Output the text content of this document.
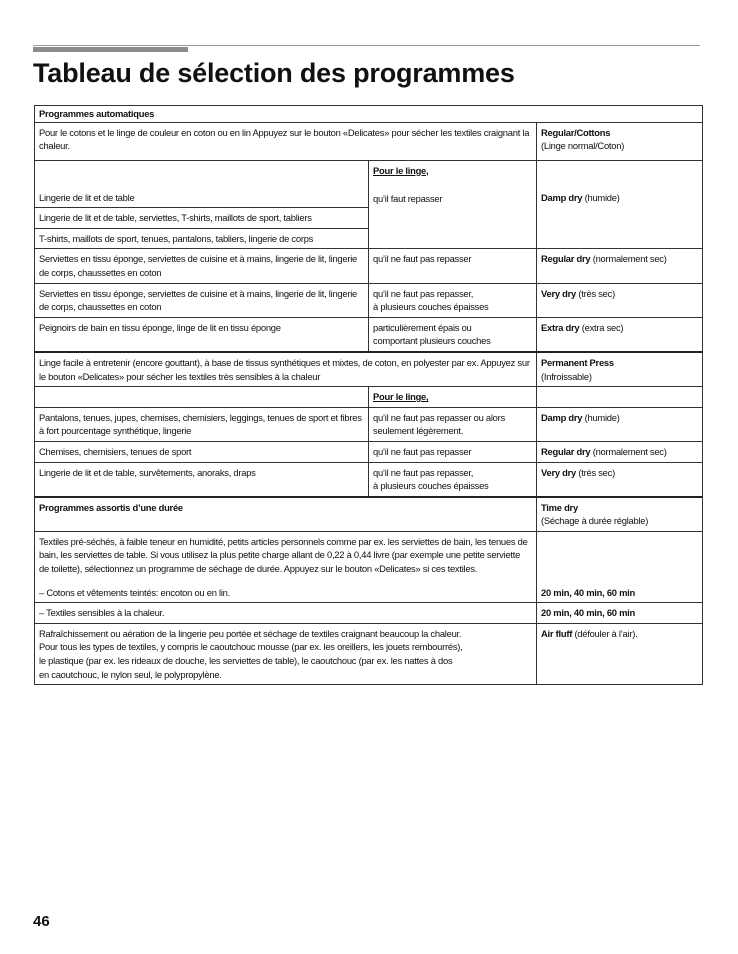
Tableau de sélection des programmes
Programmes automatiques		
Pour le cotons et le linge de couleur en coton ou en lin Appuyez sur le bouton «Delicates» pour sécher les textiles craignant la chaleur.		Regular/Cottons
(Linge normal/Coton)
	Pour le linge,	Damp dry (humide)
Lingerie de lit et de table	qu’il faut repasser	
Lingerie de lit et de table, serviettes, T-shirts, maillots de sport, tabliers		
T-shirts, maillots de sport, tenues, pantalons, tabliers, lingerie de corps		
Serviettes en tissu éponge, serviettes de cuisine et à mains, lingerie de lit, lingerie de corps, chaussettes en coton	qu’il ne faut pas repasser	Regular dry (normalement sec)
Serviettes en tissu éponge, serviettes de cuisine et à mains, lingerie de lit, lingerie de corps, chaussettes en coton	qu’il ne faut pas repasser,
à plusieurs couches épaisses	Very dry (très sec)
Peignoirs de bain en tissu éponge, linge de lit en tissu éponge	particulièrement épais ou
comportant plusieurs couches	Extra dry (extra sec)
Linge facile à entretenir (encore gouttant), à base de tissus synthétiques et mixtes, de coton, en polyester par ex. Appuyez sur le bouton «Delicates» pour sécher les textiles très sensibles à la chaleur		Permanent Press
(Infroissable)
	Pour le linge,	
Pantalons, tenues, jupes, chemises, chemisiers, leggings, tenues de sport et fibres à fort pourcentage synthétique, lingerie	qu’il ne faut pas repasser ou alors
seulement légèrement.	Damp dry (humide)
Chemises, chemisiers, tenues de sport	qu’il ne faut pas repasser	Regular dry (normalement sec)
Lingerie de lit et de table, survêtements, anoraks, draps	qu’il ne faut pas repasser,
à plusieurs couches épaisses	Very dry (très sec)
Programmes assortis d’une durée		Time dry
(Séchage à durée réglable)
Textiles pré-séchés, à faible teneur en humidité, petits articles personnels comme par ex. les serviettes de bain, les tenues de bain, les serviettes de table. Si vous utilisez la plus petite charge allant de 0,22 à 0,44 livre (par exemple une petite serviette de toilette), sélectionnez un programme de séchage de durée. Appuyez sur le bouton «Delicates» si ces textiles.
– Cotons et vêtements teintés: encoton ou en lin.		20 min, 40 min, 60 min
– Textiles sensibles à la chaleur.		20 min, 40 min, 60 min
Rafraîchissement ou aération de la lingerie peu portée et séchage de textiles craignant beaucoup la chaleur.
Pour tous les types de textiles, y compris le caoutchouc mousse (par ex. les oreillers, les jouets rembourrés),
le plastique (par ex. les rideaux de douche, les serviettes de table), le caoutchouc (par ex. les nattes à dos
en caoutchouc, le nylon seul, le polypropylène.		Air fluff (défouler à l’air).
46
